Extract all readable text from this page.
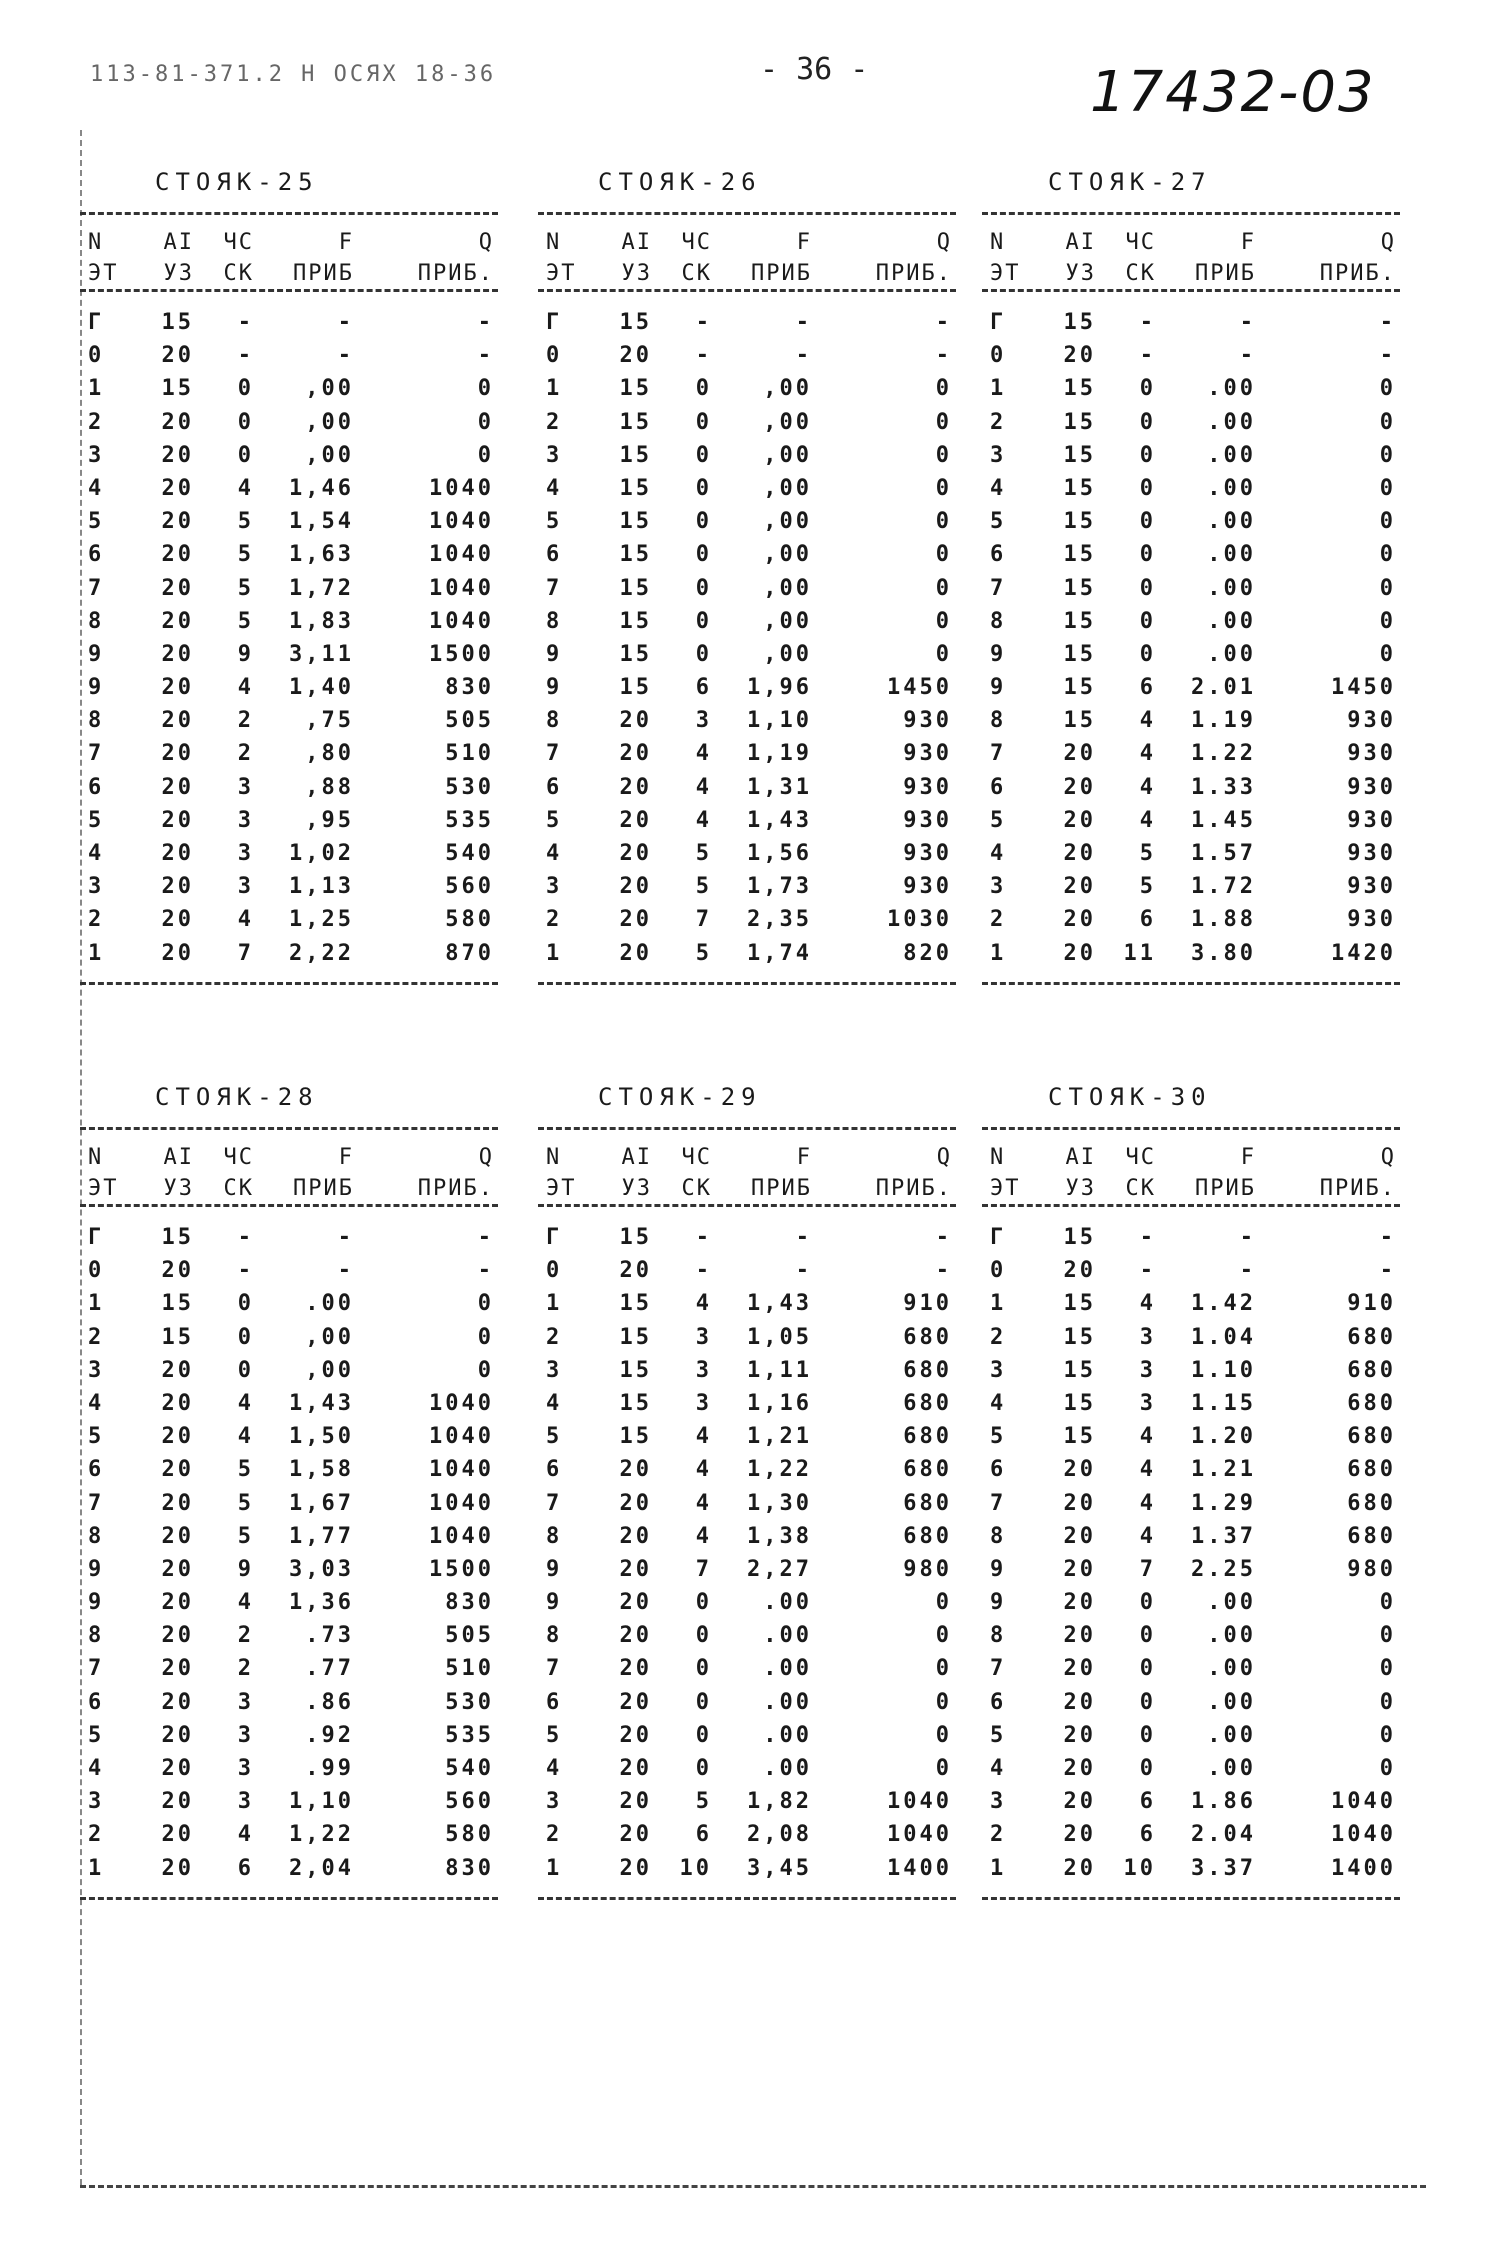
113-81-371.2 Н ОСЯХ 18-36	- 36 -	17432-03
СТОЯК-25	СТОЯК-26	СТОЯК-27
N	АI	ЧС	F	Q
ЭТ	УЗ	СК	ПРИБ	ПРИБ.
Г	15	-	-	-
0	20	-	-	-
1	15	0	,00	0
2	20	0	,00	0
3	20	0	,00	0
4	20	4	1,46	1040
5	20	5	1,54	1040
6	20	5	1,63	1040
7	20	5	1,72	1040
8	20	5	1,83	1040
9	20	9	3,11	1500
9	20	4	1,40	830
8	20	2	,75	505
7	20	2	,80	510
6	20	3	,88	530
5	20	3	,95	535
4	20	3	1,02	540
3	20	3	1,13	560
2	20	4	1,25	580
1	20	7	2,22	870
N	АI	ЧС	F	Q
ЭТ	УЗ	СК	ПРИБ	ПРИБ.
Г	15	-	-	-
0	20	-	-	-
1	15	0	,00	0
2	15	0	,00	0
3	15	0	,00	0
4	15	0	,00	0
5	15	0	,00	0
6	15	0	,00	0
7	15	0	,00	0
8	15	0	,00	0
9	15	0	,00	0
9	15	6	1,96	1450
8	20	3	1,10	930
7	20	4	1,19	930
6	20	4	1,31	930
5	20	4	1,43	930
4	20	5	1,56	930
3	20	5	1,73	930
2	20	7	2,35	1030
1	20	5	1,74	820
N	АI	ЧС	F	Q
ЭТ	УЗ	СК	ПРИБ	ПРИБ.
Г	15	-	-	-
0	20	-	-	-
1	15	0	.00	0
2	15	0	.00	0
3	15	0	.00	0
4	15	0	.00	0
5	15	0	.00	0
6	15	0	.00	0
7	15	0	.00	0
8	15	0	.00	0
9	15	0	.00	0
9	15	6	2.01	1450
8	15	4	1.19	930
7	20	4	1.22	930
6	20	4	1.33	930
5	20	4	1.45	930
4	20	5	1.57	930
3	20	5	1.72	930
2	20	6	1.88	930
1	20	11	3.80	1420
СТОЯК-28	СТОЯК-29	СТОЯК-30
N	АI	ЧС	F	Q
ЭТ	УЗ	СК	ПРИБ	ПРИБ.
Г	15	-	-	-
0	20	-	-	-
1	15	0	.00	0
2	15	0	,00	0
3	20	0	,00	0
4	20	4	1,43	1040
5	20	4	1,50	1040
6	20	5	1,58	1040
7	20	5	1,67	1040
8	20	5	1,77	1040
9	20	9	3,03	1500
9	20	4	1,36	830
8	20	2	.73	505
7	20	2	.77	510
6	20	3	.86	530
5	20	3	.92	535
4	20	3	.99	540
3	20	3	1,10	560
2	20	4	1,22	580
1	20	6	2,04	830
N	АI	ЧС	F	Q
ЭТ	УЗ	СК	ПРИБ	ПРИБ.
Г	15	-	-	-
0	20	-	-	-
1	15	4	1,43	910
2	15	3	1,05	680
3	15	3	1,11	680
4	15	3	1,16	680
5	15	4	1,21	680
6	20	4	1,22	680
7	20	4	1,30	680
8	20	4	1,38	680
9	20	7	2,27	980
9	20	0	.00	0
8	20	0	.00	0
7	20	0	.00	0
6	20	0	.00	0
5	20	0	.00	0
4	20	0	.00	0
3	20	5	1,82	1040
2	20	6	2,08	1040
1	20	10	3,45	1400
N	АI	ЧС	F	Q
ЭТ	УЗ	СК	ПРИБ	ПРИБ.
Г	15	-	-	-
0	20	-	-	-
1	15	4	1.42	910
2	15	3	1.04	680
3	15	3	1.10	680
4	15	3	1.15	680
5	15	4	1.20	680
6	20	4	1.21	680
7	20	4	1.29	680
8	20	4	1.37	680
9	20	7	2.25	980
9	20	0	.00	0
8	20	0	.00	0
7	20	0	.00	0
6	20	0	.00	0
5	20	0	.00	0
4	20	0	.00	0
3	20	6	1.86	1040
2	20	6	2.04	1040
1	20	10	3.37	1400
